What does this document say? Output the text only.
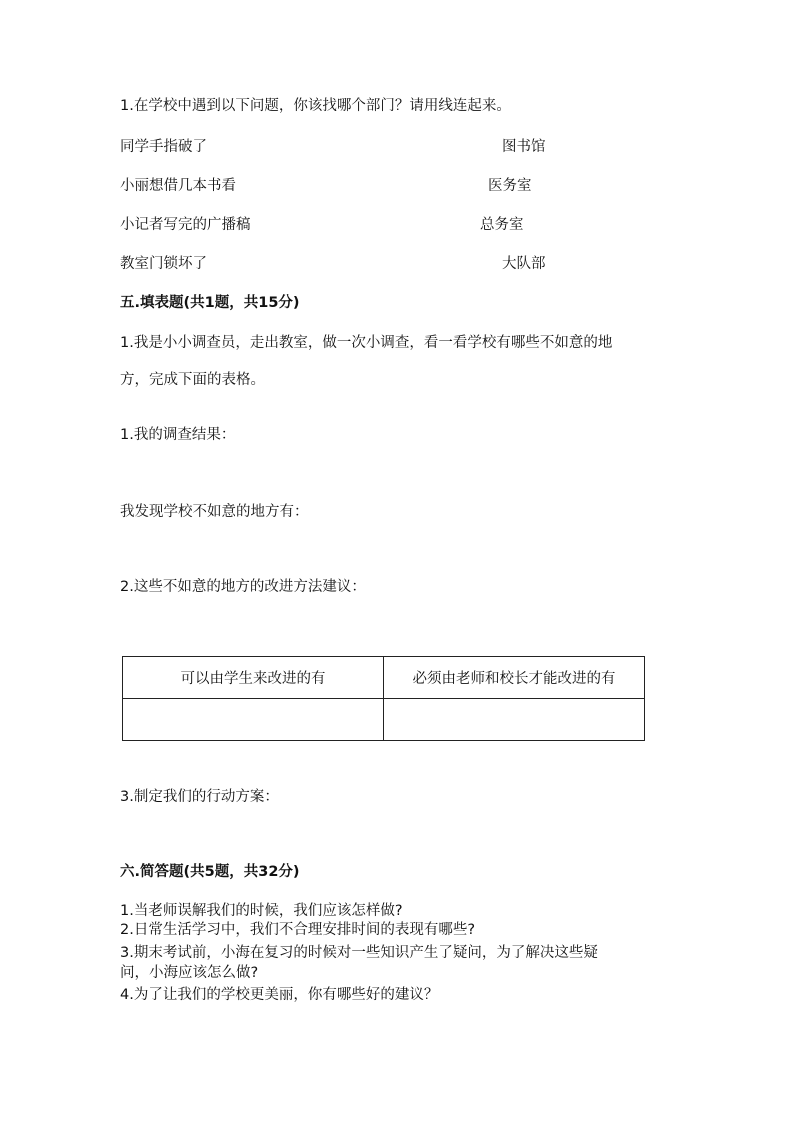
1.在学校中遇到以下问题，你该找哪个部门？请用线连起来。
同学手指破了	图书馆
小丽想借几本书看	医务室
小记者写完的广播稿	总务室
教室门锁坏了	大队部
五.填表题(共1题，共15分)
1.我是小小调查员，走出教室，做一次小调查，看一看学校有哪些不如意的地
方，完成下面的表格。
1.我的调查结果：
我发现学校不如意的地方有：
2.这些不如意的地方的改进方法建议：
可以由学生来改进的有	必须由老师和校长才能改进的有

3.制定我们的行动方案：
六.简答题(共5题，共32分)
1.当老师误解我们的时候，我们应该怎样做?
2.日常生活学习中，我们不合理安排时间的表现有哪些?
3.期末考试前，小海在复习的时候对一些知识产生了疑问，为了解决这些疑
问，小海应该怎么做?
4.为了让我们的学校更美丽，你有哪些好的建议？
